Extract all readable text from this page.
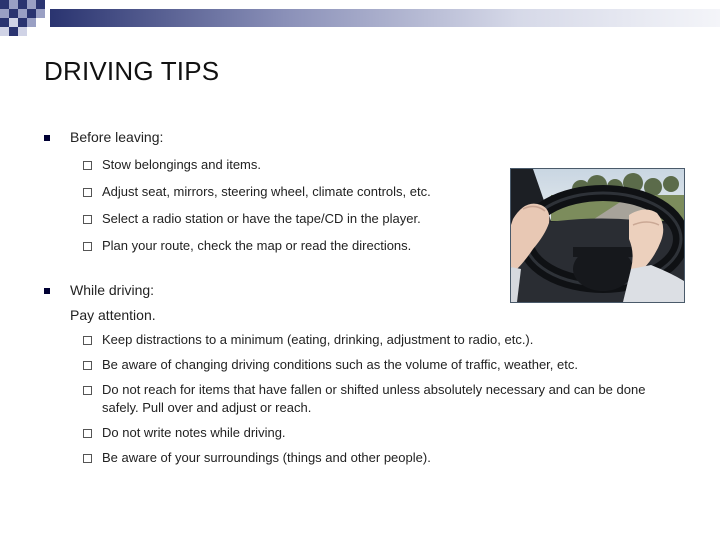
DRIVING TIPS
Before leaving:
Stow belongings and items.
Adjust seat, mirrors, steering wheel, climate controls, etc.
Select a radio station or have the tape/CD in the player.
Plan your route, check the map or read the directions.
While driving:
Pay attention.
Keep distractions to a minimum (eating, drinking, adjustment to radio, etc.).
Be aware of changing driving conditions such as the volume of traffic, weather, etc.
Do not reach for items that have fallen or shifted unless absolutely necessary and can be done safely. Pull over and adjust or reach.
Do not write notes while driving.
Be aware of your surroundings (things and other people).
